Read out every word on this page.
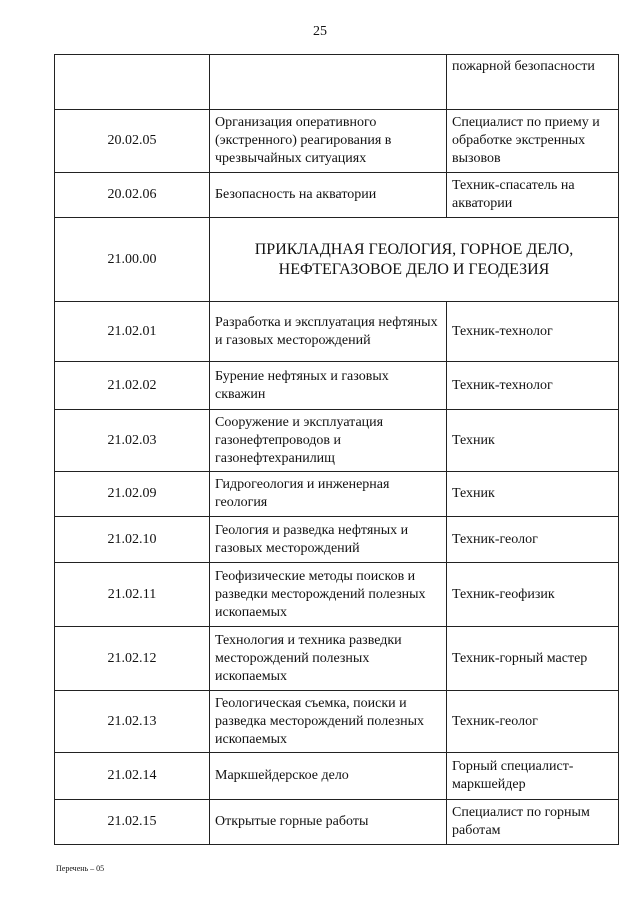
25
		пожарной безопасности
20.02.05	Организация оперативного (экстренного) реагирования в чрезвычайных ситуациях	Специалист по приему и обработке экстренных вызовов
20.02.06	Безопасность на акватории	Техник-спасатель на акватории
21.00.00	ПРИКЛАДНАЯ ГЕОЛОГИЯ, ГОРНОЕ ДЕЛО, НЕФТЕГАЗОВОЕ ДЕЛО И ГЕОДЕЗИЯ	
21.02.01	Разработка и эксплуатация нефтяных и газовых месторождений	Техник-технолог
21.02.02	Бурение нефтяных и газовых скважин	Техник-технолог
21.02.03	Сооружение и эксплуатация газонефтепроводов и газонефтехранилищ	Техник
21.02.09	Гидрогеология и инженерная геология	Техник
21.02.10	Геология и разведка нефтяных и газовых месторождений	Техник-геолог
21.02.11	Геофизические методы поисков и разведки месторождений полезных ископаемых	Техник-геофизик
21.02.12	Технология и техника разведки месторождений полезных ископаемых	Техник-горный мастер
21.02.13	Геологическая съемка, поиски и разведка месторождений полезных ископаемых	Техник-геолог
21.02.14	Маркшейдерское дело	Горный специалист-маркшейдер
21.02.15	Открытые горные работы	Специалист по горным работам
Перечень – 05
